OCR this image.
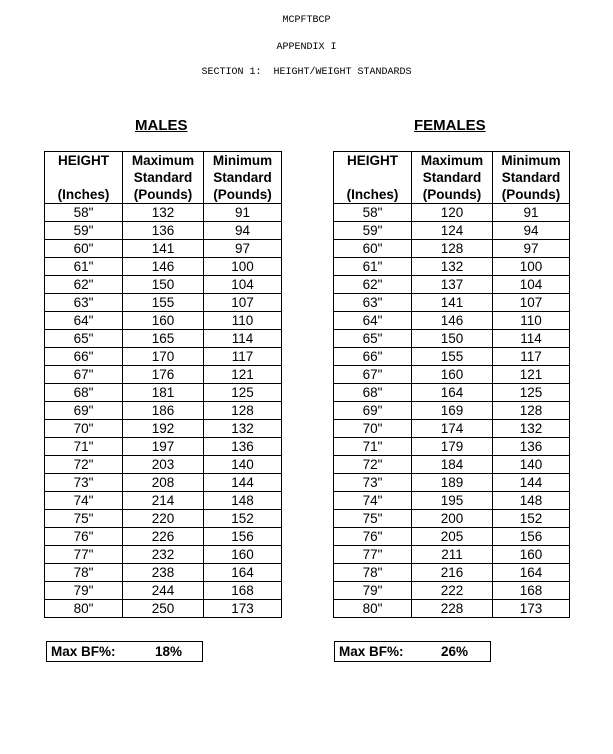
MCPFTBCP
APPENDIX I
SECTION 1:  HEIGHT/WEIGHT STANDARDS
MALES	FEMALES
HEIGHT	Maximum	Minimum
	Standard	Standard
(Inches)	(Pounds)	(Pounds)
58"	132	91
59"	136	94
60"	141	97
61"	146	100
62"	150	104
63"	155	107
64"	160	110
65"	165	114
66"	170	117
67"	176	121
68"	181	125
69"	186	128
70"	192	132
71"	197	136
72"	203	140
73"	208	144
74"	214	148
75"	220	152
76"	226	156
77"	232	160
78"	238	164
79"	244	168
80"	250	173
HEIGHT	Maximum	Minimum
	Standard	Standard
(Inches)	(Pounds)	(Pounds)
58"	120	91
59"	124	94
60"	128	97
61"	132	100
62"	137	104
63"	141	107
64"	146	110
65"	150	114
66"	155	117
67"	160	121
68"	164	125
69"	169	128
70"	174	132
71"	179	136
72"	184	140
73"	189	144
74"	195	148
75"	200	152
76"	205	156
77"	211	160
78"	216	164
79"	222	168
80"	228	173
Max BF%:	18%	Max BF%:	26%
